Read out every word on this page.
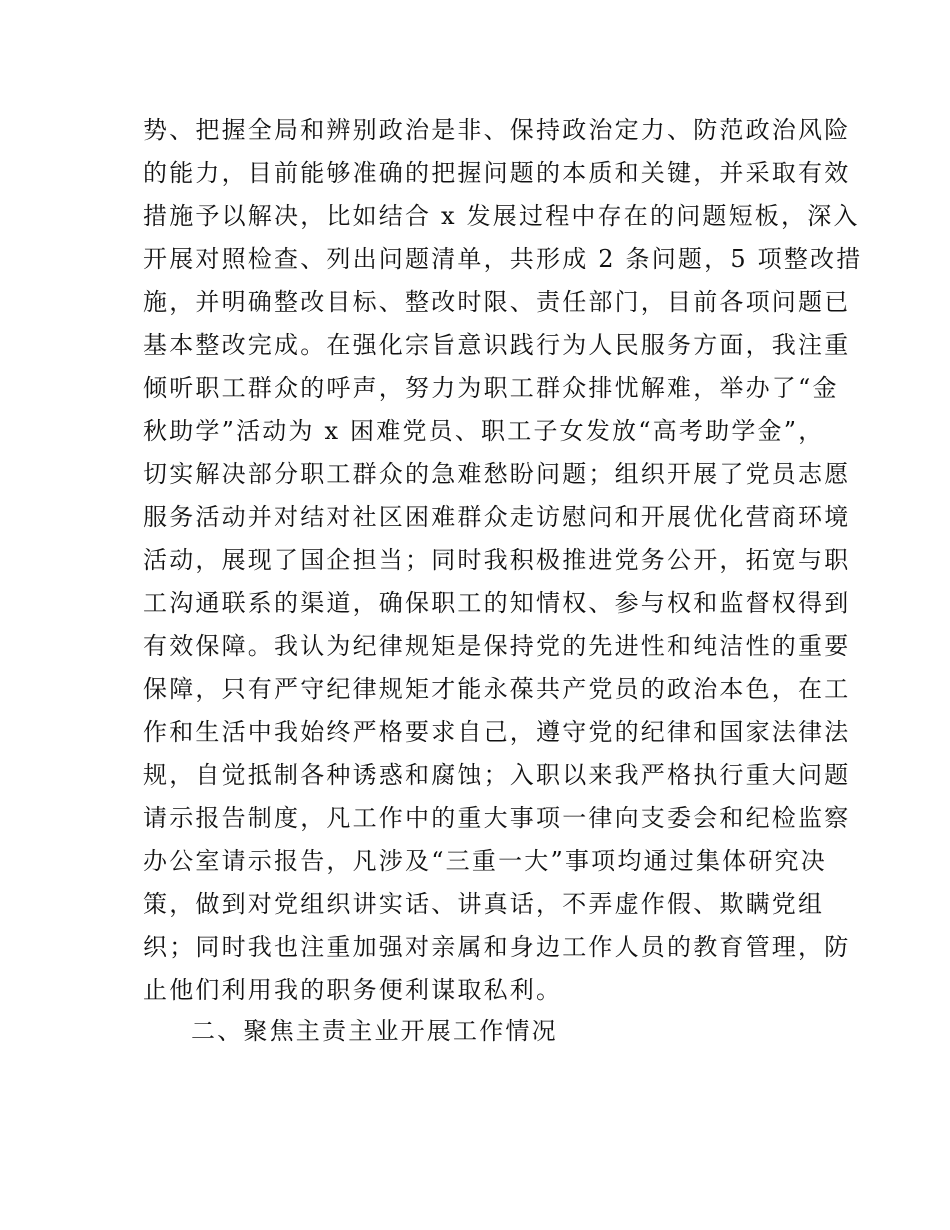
势、把握全局和辨别政治是非、保持政治定力、防范政治风险
的能力，目前能够准确的把握问题的本质和关键，并采取有效
措施予以解决，比如结合 x 发展过程中存在的问题短板，深入
开展对照检查、列出问题清单，共形成 2 条问题，5 项整改措
施，并明确整改目标、整改时限、责任部门，目前各项问题已
基本整改完成。在强化宗旨意识践行为人民服务方面，我注重
倾听职工群众的呼声，努力为职工群众排忧解难，举办了“金
秋助学”活动为 x 困难党员、职工子女发放“高考助学金”，
切实解决部分职工群众的急难愁盼问题；组织开展了党员志愿
服务活动并对结对社区困难群众走访慰问和开展优化营商环境
活动，展现了国企担当；同时我积极推进党务公开，拓宽与职
工沟通联系的渠道，确保职工的知情权、参与权和监督权得到
有效保障。我认为纪律规矩是保持党的先进性和纯洁性的重要
保障，只有严守纪律规矩才能永葆共产党员的政治本色，在工
作和生活中我始终严格要求自己，遵守党的纪律和国家法律法
规，自觉抵制各种诱惑和腐蚀；入职以来我严格执行重大问题
请示报告制度，凡工作中的重大事项一律向支委会和纪检监察
办公室请示报告，凡涉及“三重一大”事项均通过集体研究决
策，做到对党组织讲实话、讲真话，不弄虚作假、欺瞒党组
织；同时我也注重加强对亲属和身边工作人员的教育管理，防
止他们利用我的职务便利谋取私利。
二、聚焦主责主业开展工作情况
